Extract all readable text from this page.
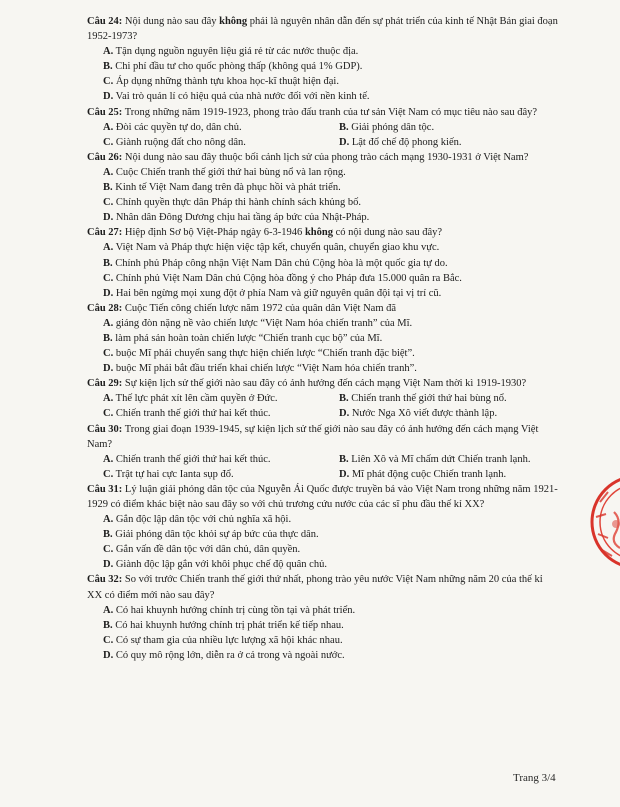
Câu 24: Nội dung nào sau đây không phải là nguyên nhân dẫn đến sự phát triển của kinh tế Nhật Bản giai đoạn 1952-1973?
A. Tận dụng nguồn nguyên liệu giá rẻ từ các nước thuộc địa.
B. Chi phí đầu tư cho quốc phòng thấp (không quá 1% GDP).
C. Áp dụng những thành tựu khoa học-kĩ thuật hiện đại.
D. Vai trò quản lí có hiệu quả của nhà nước đối với nền kinh tế.
Câu 25: Trong những năm 1919-1923, phong trào đấu tranh của tư sản Việt Nam có mục tiêu nào sau đây?
A. Đòi các quyền tự do, dân chủ.	B. Giải phóng dân tộc.
C. Giành ruộng đất cho nông dân.	D. Lật đổ chế độ phong kiến.
Câu 26: Nội dung nào sau đây thuộc bối cảnh lịch sử của phong trào cách mạng 1930-1931 ở Việt Nam?
A. Cuộc Chiến tranh thế giới thứ hai bùng nổ và lan rộng.
B. Kinh tế Việt Nam đang trên đà phục hồi và phát triển.
C. Chính quyền thực dân Pháp thi hành chính sách khủng bố.
D. Nhân dân Đông Dương chịu hai tầng áp bức của Nhật-Pháp.
Câu 27: Hiệp định Sơ bộ Việt-Pháp ngày 6-3-1946 không có nội dung nào sau đây?
A. Việt Nam và Pháp thực hiện việc tập kết, chuyển quân, chuyển giao khu vực.
B. Chính phủ Pháp công nhận Việt Nam Dân chủ Cộng hòa là một quốc gia tự do.
C. Chính phủ Việt Nam Dân chủ Cộng hòa đồng ý cho Pháp đưa 15.000 quân ra Bắc.
D. Hai bên ngừng mọi xung đột ở phía Nam và giữ nguyên quân đội tại vị trí cũ.
Câu 28: Cuộc Tiến công chiến lược năm 1972 của quân dân Việt Nam đã
A. giáng đòn nặng nề vào chiến lược “Việt Nam hóa chiến tranh” của Mĩ.
B. làm phá sản hoàn toàn chiến lược “Chiến tranh cục bộ” của Mĩ.
C. buộc Mĩ phải chuyển sang thực hiện chiến lược “Chiến tranh đặc biệt”.
D. buộc Mĩ phải bắt đầu triển khai chiến lược “Việt Nam hóa chiến tranh”.
Câu 29: Sự kiện lịch sử thế giới nào sau đây có ảnh hưởng đến cách mạng Việt Nam thời kì 1919-1930?
A. Thế lực phát xít lên cầm quyền ở Đức.	B. Chiến tranh thế giới thứ hai bùng nổ.
C. Chiến tranh thế giới thứ hai kết thúc.	D. Nước Nga Xô viết được thành lập.
Câu 30: Trong giai đoạn 1939-1945, sự kiện lịch sử thế giới nào sau đây có ảnh hưởng đến cách mạng Việt Nam?
A. Chiến tranh thế giới thứ hai kết thúc.	B. Liên Xô và Mĩ chấm dứt Chiến tranh lạnh.
C. Trật tự hai cực Ianta sụp đổ.	D. Mĩ phát động cuộc Chiến tranh lạnh.
Câu 31: Lý luận giải phóng dân tộc của Nguyễn Ái Quốc được truyền bá vào Việt Nam trong những năm 1921-1929 có điểm khác biệt nào sau đây so với chủ trương cứu nước của các sĩ phu đầu thế kỉ XX?
A. Gắn độc lập dân tộc với chủ nghĩa xã hội.
B. Giải phóng dân tộc khỏi sự áp bức của thực dân.
C. Gắn vấn đề dân tộc với dân chủ, dân quyền.
D. Giành độc lập gắn với khôi phục chế độ quân chủ.
Câu 32: So với trước Chiến tranh thế giới thứ nhất, phong trào yêu nước Việt Nam những năm 20 của thế kỉ XX có điểm mới nào sau đây?
A. Có hai khuynh hướng chính trị cùng tồn tại và phát triển.
B. Có hai khuynh hướng chính trị phát triển kế tiếp nhau.
C. Có sự tham gia của nhiều lực lượng xã hội khác nhau.
D. Có quy mô rộng lớn, diễn ra ở cả trong và ngoài nước.
Trang 3/4
